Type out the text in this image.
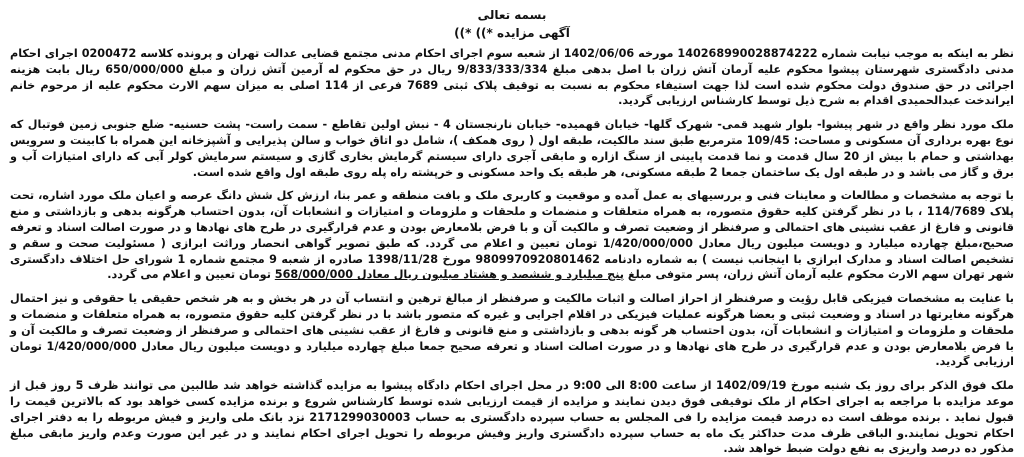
بسمه تعالی
آگهی مزایده *)) *))

نظر به اینکه به موجب نیابت شماره 140268990028874222 مورخه 1402/06/06 از شعبه سوم اجرای احکام مدنی مجتمع قضایی عدالت تهران و پرونده کلاسه 0200472 اجرای احکام مدنی دادگستری شهرستان پیشوا محکوم علیه آرمان آتش زران با اصل بدهی مبلغ 9/833/333/334 ریال در حق محکوم له آرمین آتش زران و مبلغ 650/000/000 ریال بابت هزینه اجرائی در حق صندوق دولت محکوم شده است لذا جهت استیفاء محکوم به نسبت به توقیف پلاک ثبتی 7689 فرعی از 114 اصلی به میزان سهم الارث محکوم علیه از مرحوم خانم ایراندخت عبدالحمیدی اقدام به شرح ذیل توسط کارشناس ارزیابی گردید.

ملک مورد نظر واقع در شهر پیشوا- بلوار شهید قمی- شهرک گلها- خیابان قهمیده- خیابان نارنجستان 4 - نبش اولین تقاطع - سمت راست- پشت حسنیه- ضلع جنوبی زمین فوتبال که نوع بهره برداری آن مسکونی و مساحت: 109/45 مترمربع طبق سند مالکیت، طبقه اول ( روی همکف )، شامل دو اتاق خواب و سالن پذیرایی و آشپزخانه این همراه با کابینت و سرویس بهداشتی و حمام با بیش از 20 سال قدمت و نما قدمت پایینی از سنگ ازاره و مابقی آجری دارای سیستم گرمایش بخاری گازی و سیستم سرمایش کولر آبی که دارای امتیازات آب و برق و گاز می باشد و در طبقه اول یک ساختمان جمعا 2 طبقه مسکونی، هر طبقه یک واحد مسکونی و خرپشته راه پله روی طبقه اول واقع شده است.

با توجه به مشخصات و مطالعات و معاینات فنی و بررسیهای به عمل آمده و موقعیت و کاربری ملک و بافت منطقه و عمر بنا، ارزش کل شش دانگ عرصه و اعیان ملک مورد اشاره، تحت پلاک 114/7689 ، با در نظر گرفتن کلیه حقوق متصوره، به همراه متعلقات و منضمات و ملحقات و ملزومات و امتیازات و انشعابات آن، بدون احتساب هرگونه بدهی و بازداشتی و منع قانونی و فارغ از عقب نشینی های احتمالی و صرفنظر از وضعیت تصرف و مالکیت آن و با فرض بلامعارض بودن و عدم قرارگیری در طرح های نهادها و در صورت اصالت اسناد و تعرفه صحیح،مبلغ چهارده میلیارد و دویست میلیون ریال معادل 1/420/000/000 تومان تعیین و اعلام می گردد. که طبق تصویر گواهی انحصار وراثت ابرازی ( مسئولیت صحت و سقم و تشخیص اصالت اسناد و مدارک ابرازی با اینجانب نیست ) به شماره دادنامه 9809970920801462 مورخ 1398/11/28 صادره از شعبه 9 مجتمع شماره 1 شورای حل اختلاف دادگستری شهر تهران سهم الارث محکوم علیه آرمان آتش زران، پسر متوفی مبلغ پنج میلیارد و ششصد و هشتاد میلیون ریال معادل 568/000/000 تومان تعیین و اعلام می گردد.

با عنایت به مشخصات فیزیکی قابل رؤیت و صرفنظر از احراز اصالت و اثبات مالکیت و صرفنظر از مبالغ ترهین و انتساب آن در هر بخش و به هر شخص حقیقی یا حقوقی و نیز احتمال هرگونه مغایرتها در اسناد و وضعیت ثبتی و بعضا هرگونه عملیات فیزیکی در اقلام اجرایی و غیره که متصور باشد با در نظر گرفتن کلیه حقوق متصوره، به همراه متعلقات و منضمات و ملحقات و ملزومات و امتیازات و انشعابات آن، بدون احتساب هر گونه بدهی و بازداشتی و منع قانونی و فارغ از عقب نشینی های احتمالی و صرفنظر از وضعیت تصرف و مالکیت آن و با فرض بلامعارض بودن و عدم قرارگیری در طرح های نهادها و در صورت اصالت اسناد و تعرفه صحیح جمعا مبلغ چهارده میلیارد و دویست میلیون ریال معادل 1/420/000/000 تومان ارزیابی گردید.

ملک فوق الذکر برای روز یک شنبه مورخ 1402/09/19 از ساعت 8:00 الی 9:00 در محل اجرای احکام دادگاه پیشوا به مزایده گذاشته خواهد شد طالبین می توانند ظرف 5 روز قبل از موعد مزایده با مراجعه به اجرای احکام از ملک توقیفی فوق دیدن نمایند و مزایده از قیمت ارزیابی شده توسط کارشناس شروع و برنده مزایده کسی خواهد بود که بالاترین قیمت را قبول نماید . برنده موظف است ده درصد قیمت مزایده را فی المجلس به حساب سپرده دادگستری به حساب 2171299030003 نزد بانک ملی واریز و فیش مربوطه را به دفتر اجرای احکام تحویل نمایند.و الباقی ظرف مدت حداکثر یک ماه به حساب سپرده دادگستری واریز وفیش مربوطه را تحویل اجرای احکام نمایند و در غیر این صورت وعدم واریز مابقی مبلغ مذکور ده درصد واریزی به نفع دولت ضبط خواهد شد.
